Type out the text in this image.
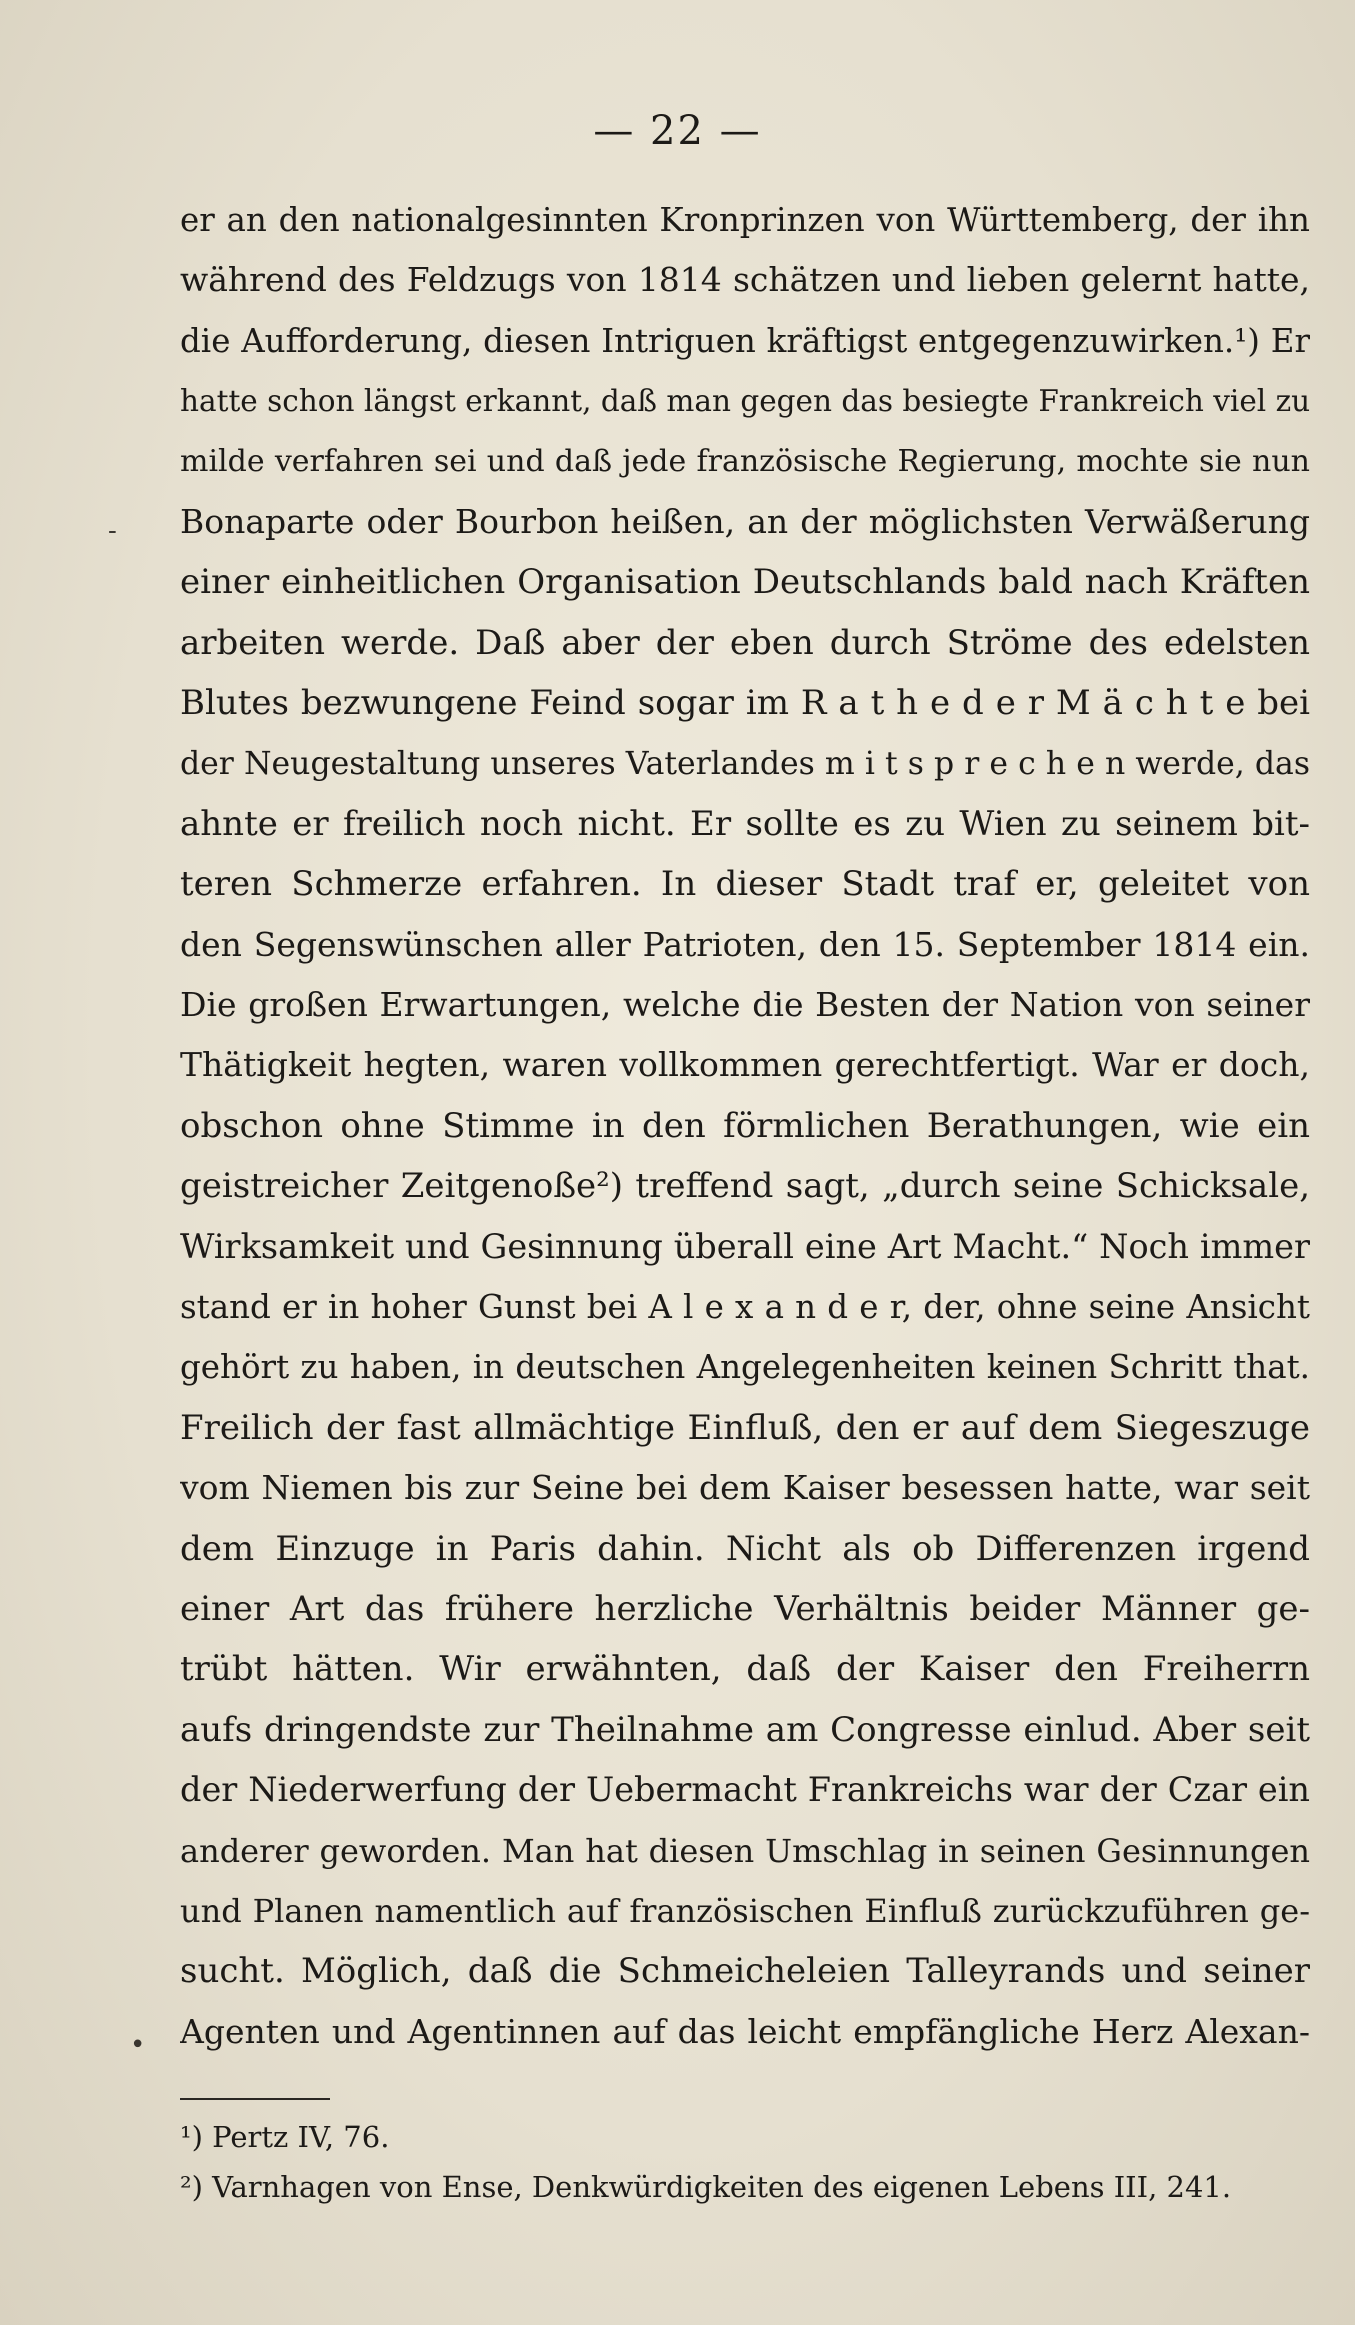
— 22 —
-
•
er an den nationalgesinnten Kronprinzen von Württemberg, der ihn
während des Feldzugs von 1814 schätzen und lieben gelernt hatte,
die Aufforderung, diesen Intriguen kräftigst entgegenzuwirken.¹) Er
hatte schon längst erkannt, daß man gegen das besiegte Frankreich viel zu
milde verfahren sei und daß jede französische Regierung, mochte sie nun
Bonaparte oder Bourbon heißen, an der möglichsten Verwäßerung
einer einheitlichen Organisation Deutschlands bald nach Kräften
arbeiten werde. Daß aber der eben durch Ströme des edelsten
Blutes bezwungene Feind sogar im R a t h e d e r M ä c h t e bei
der Neugestaltung unseres Vaterlandes m i t s p r e c h e n werde, das
ahnte er freilich noch nicht. Er sollte es zu Wien zu seinem bit-
teren Schmerze erfahren. In dieser Stadt traf er, geleitet von
den Segenswünschen aller Patrioten, den 15. September 1814 ein.
Die großen Erwartungen, welche die Besten der Nation von seiner
Thätigkeit hegten, waren vollkommen gerechtfertigt. War er doch,
obschon ohne Stimme in den förmlichen Berathungen, wie ein
geistreicher Zeitgenoße²) treffend sagt, „durch seine Schicksale,
Wirksamkeit und Gesinnung überall eine Art Macht.“ Noch immer
stand er in hoher Gunst bei A l e x a n d e r, der, ohne seine Ansicht
gehört zu haben, in deutschen Angelegenheiten keinen Schritt that.
Freilich der fast allmächtige Einfluß, den er auf dem Siegeszuge
vom Niemen bis zur Seine bei dem Kaiser besessen hatte, war seit
dem Einzuge in Paris dahin. Nicht als ob Differenzen irgend
einer Art das frühere herzliche Verhältnis beider Männer ge-
trübt hätten. Wir erwähnten, daß der Kaiser den Freiherrn
aufs dringendste zur Theilnahme am Congresse einlud. Aber seit
der Niederwerfung der Uebermacht Frankreichs war der Czar ein
anderer geworden. Man hat diesen Umschlag in seinen Gesinnungen
und Planen namentlich auf französischen Einfluß zurückzuführen ge-
sucht. Möglich, daß die Schmeicheleien Talleyrands und seiner
Agenten und Agentinnen auf das leicht empfängliche Herz Alexan-
¹) Pertz IV, 76.
²) Varnhagen von Ense, Denkwürdigkeiten des eigenen Lebens III, 241.
